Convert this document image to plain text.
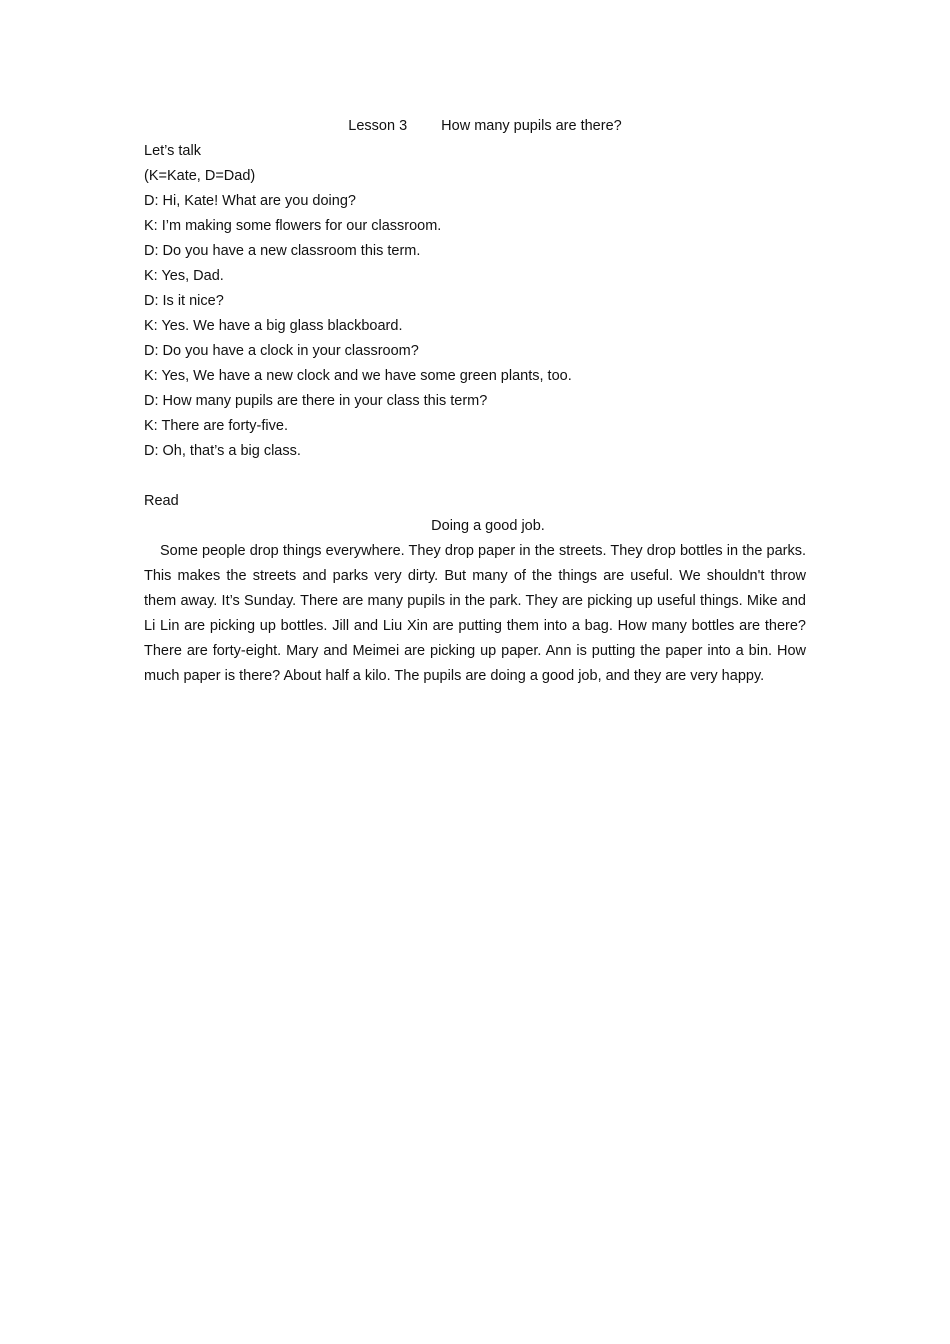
Lesson 3 How many pupils are there?
Let’s talk
(K=Kate, D=Dad)
D: Hi, Kate! What are you doing?
K: I’m making some flowers for our classroom.
D: Do you have a new classroom this term.
K: Yes, Dad.
D: Is it nice?
K: Yes. We have a big glass blackboard.
D: Do you have a clock in your classroom?
K: Yes, We have a new clock and we have some green plants, too.
D: How many pupils are there in your class this term?
K: There are forty-five.
D: Oh, that’s a big class.
Read
Doing a good job.

Some people drop things everywhere. They drop paper in the streets. They drop bottles in the parks. This makes the streets and parks very dirty. But many of the things are useful. We shouldn't throw them away. It’s Sunday. There are many pupils in the park. They are picking up useful things. Mike and Li Lin are picking up bottles. Jill and Liu Xin are putting them into a bag. How many bottles are there? There are forty-eight. Mary and Meimei are picking up paper. Ann is putting the paper into a bin. How much paper is there? About half a kilo. The pupils are doing a good job, and they are very happy.
